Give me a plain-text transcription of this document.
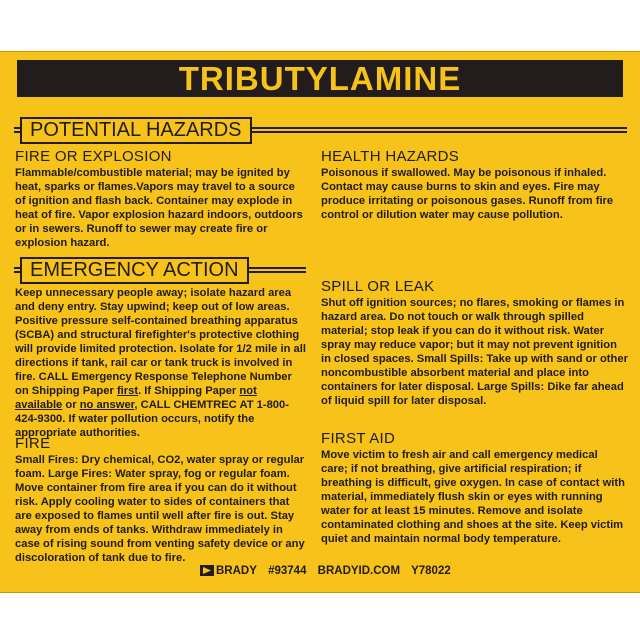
TRIBUTYLAMINE
POTENTIAL HAZARDS
FIRE OR EXPLOSION

Flammable/combustible material; may be ignited by heat, sparks or flames.Vapors may travel to a source of ignition and flash back. Container may explode in heat of fire. Vapor explosion hazard indoors, outdoors or in sewers. Runoff to sewer may create fire or explosion hazard.

HEALTH HAZARDS

Poisonous if swallowed. May be poisonous if inhaled. Contact may cause burns to skin and eyes. Fire may produce irritating or poisonous gases. Runoff from fire control or dilution water may cause pollution.

EMERGENCY ACTION

Keep unnecessary people away; isolate hazard area and deny entry. Stay upwind; keep out of low areas. Positive pressure self-contained breathing apparatus (SCBA) and structural firefighter's protective clothing will provide limited protection. Isolate for 1/2 mile in all directions if tank, rail car or tank truck is involved in fire. CALL Emergency Response Telephone Number on Shipping Paper first. If Shipping Paper not available or no answer, CALL CHEMTREC AT 1-800-424-9300. If water pollution occurs, notify the appropriate authorities.

SPILL OR LEAK

Shut off ignition sources; no flares, smoking or flames in hazard area. Do not touch or walk through spilled material; stop leak if you can do it without risk. Water spray may reduce vapor; but it may not prevent ignition in closed spaces. Small Spills: Take up with sand or other noncombustible absorbent material and place into containers for later disposal. Large Spills: Dike far ahead of liquid spill for later disposal.

FIRE

Small Fires: Dry chemical, CO2, water spray or regular foam. Large Fires: Water spray, fog or regular foam. Move container from fire area if you can do it without risk. Apply cooling water to sides of containers that are exposed to flames until well after fire is out. Stay away from ends of tanks. Withdraw immediately in case of rising sound from venting safety device or any discoloration of tank due to fire.

FIRST AID

Move victim to fresh air and call emergency medical care; if not breathing, give artificial respiration; if breathing is difficult, give oxygen. In case of contact with material, immediately flush skin or eyes with running water for at least 15 minutes. Remove and isolate contaminated clothing and shoes at the site. Keep victim quiet and maintain normal body temperature.

BRADY #93744 BRADYID.COM Y78022
